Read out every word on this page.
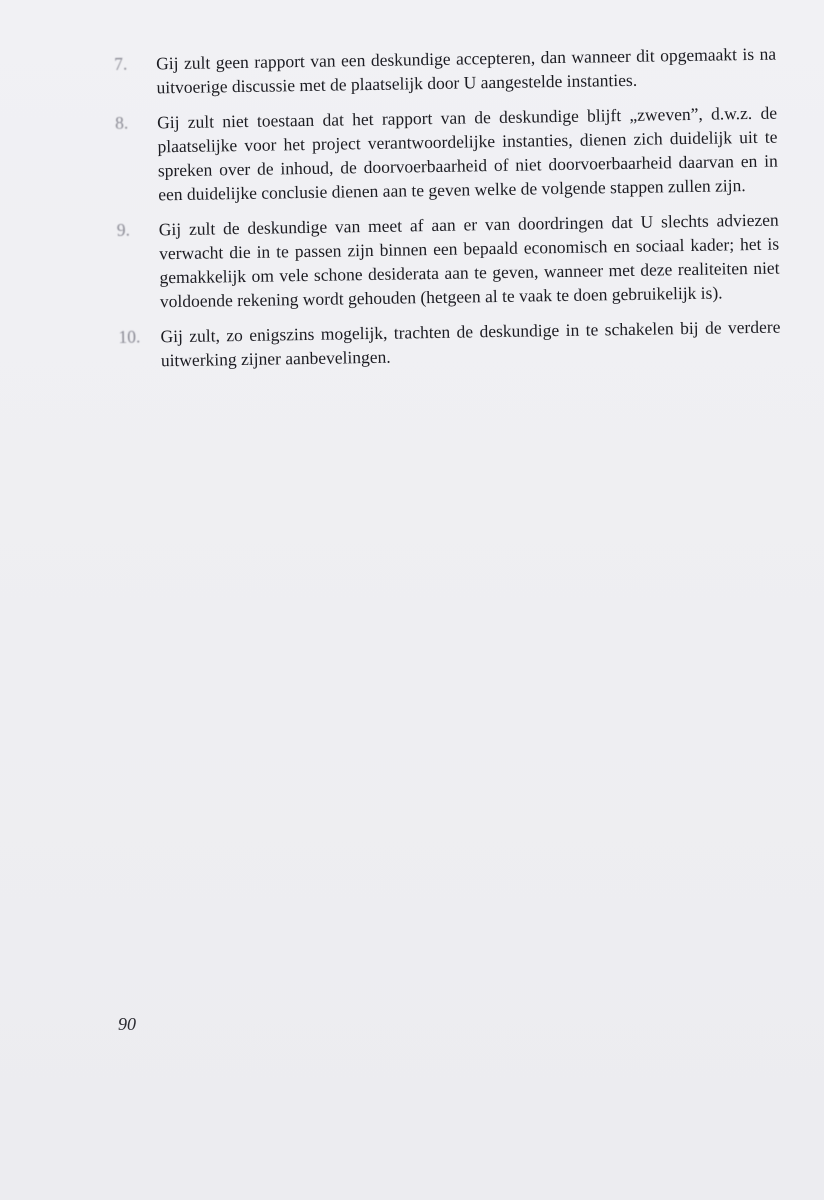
7.	Gij zult geen rapport van een deskundige accepteren, dan wanneer dit opgemaakt is na uitvoerige discussie met de plaatselijk door U aangestelde instanties.
8.	Gij zult niet toestaan dat het rapport van de deskundige blijft „zweven”, d.w.z. de plaatselijke voor het project verantwoordelijke instanties, dienen zich duidelijk uit te spreken over de inhoud, de doorvoerbaarheid of niet doorvoerbaarheid daarvan en in een duidelijke conclusie dienen aan te geven welke de volgende stappen zullen zijn.
9.	Gij zult de deskundige van meet af aan er van doordringen dat U slechts adviezen verwacht die in te passen zijn binnen een bepaald economisch en sociaal kader; het is gemakkelijk om vele schone desiderata aan te geven, wanneer met deze realiteiten niet voldoende rekening wordt gehouden (hetgeen al te vaak te doen gebruikelijk is).
10.	Gij zult, zo enigszins mogelijk, trachten de deskundige in te schakelen bij de verdere uitwerking zijner aanbevelingen.
90
